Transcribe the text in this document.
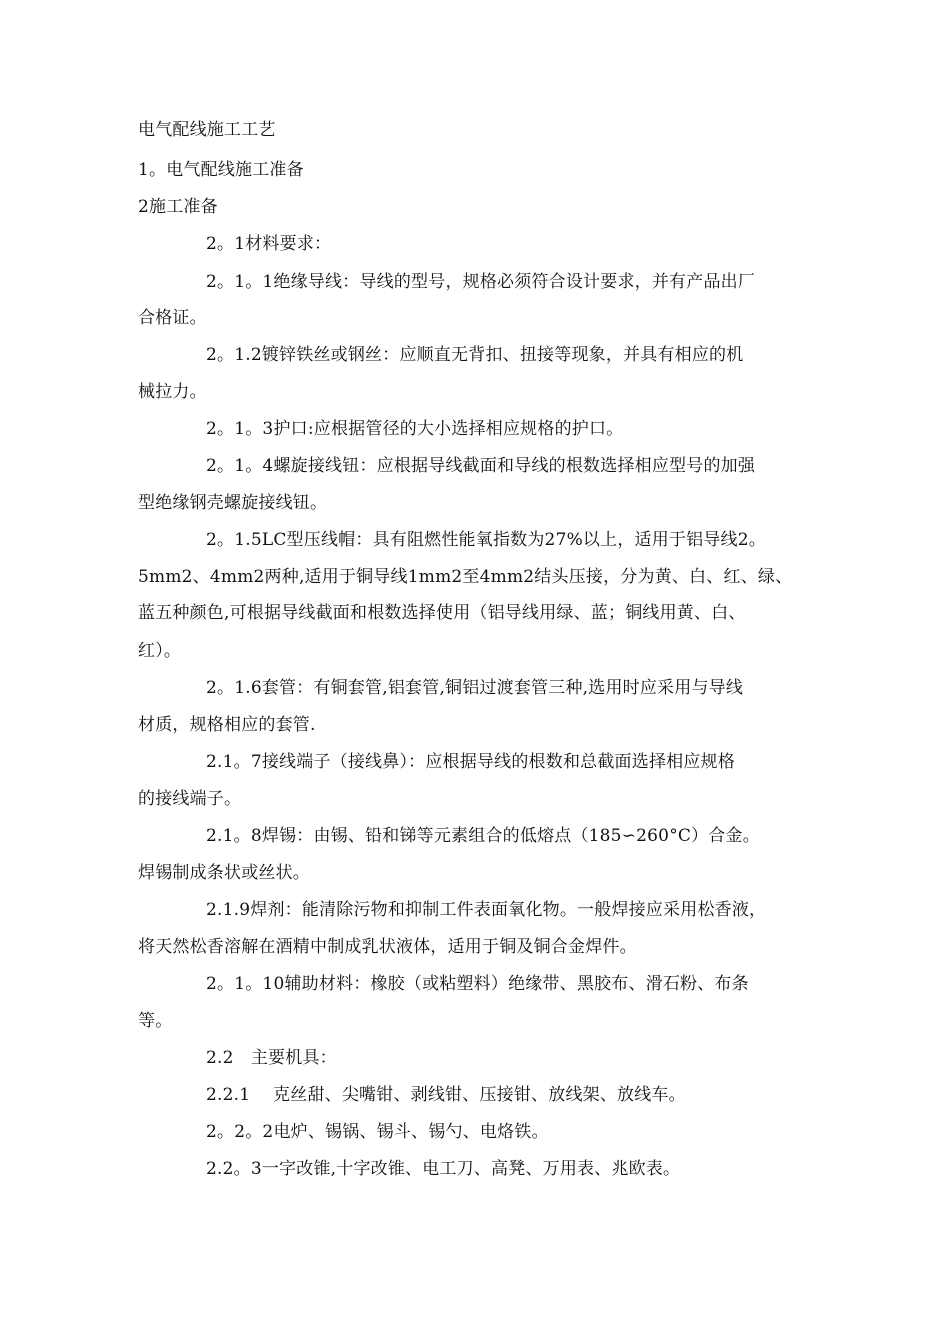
电气配线施工工艺
1。电气配线施工准备
2施工准备
2。1材料要求：
2。1。1绝缘导线：导线的型号，规格必须符合设计要求，并有产品出厂
合格证。
2。1.2镀锌铁丝或钢丝：应顺直无背扣、扭接等现象，并具有相应的机
械拉力。
2。1。3护口:应根据管径的大小选择相应规格的护口。
2。1。4螺旋接线钮：应根据导线截面和导线的根数选择相应型号的加强
型绝缘钢壳螺旋接线钮。
2。1.5LC型压线帽：具有阻燃性能氧指数为27%以上，适用于铝导线2。
5mm2、4mm2两种,适用于铜导线1mm2至4mm2结头压接，分为黄、白、红、绿、
蓝五种颜色,可根据导线截面和根数选择使用（铝导线用绿、蓝；铜线用黄、白、
红）。
2。1.6套管：有铜套管,铝套管,铜铝过渡套管三种,选用时应采用与导线
材质，规格相应的套管.
2.1。7接线端子（接线鼻）：应根据导线的根数和总截面选择相应规格
的接线端子。
2.1。8焊锡：由锡、铅和锑等元素组合的低熔点（185∽260°C）合金。
焊锡制成条状或丝状。
2.1.9焊剂：能清除污物和抑制工件表面氧化物。一般焊接应采用松香液，
将天然松香溶解在酒精中制成乳状液体，适用于铜及铜合金焊件。
2。1。10辅助材料：橡胶（或粘塑料）绝缘带、黑胶布、滑石粉、布条
等。
2.2　主要机具：
2.2.1　 克丝甜、尖嘴钳、剥线钳、压接钳、放线架、放线车。
2。2。2电炉、锡锅、锡斗、锡勺、电烙铁。
2.2。3一字改锥,十字改锥、电工刀、高凳、万用表、兆欧表。
